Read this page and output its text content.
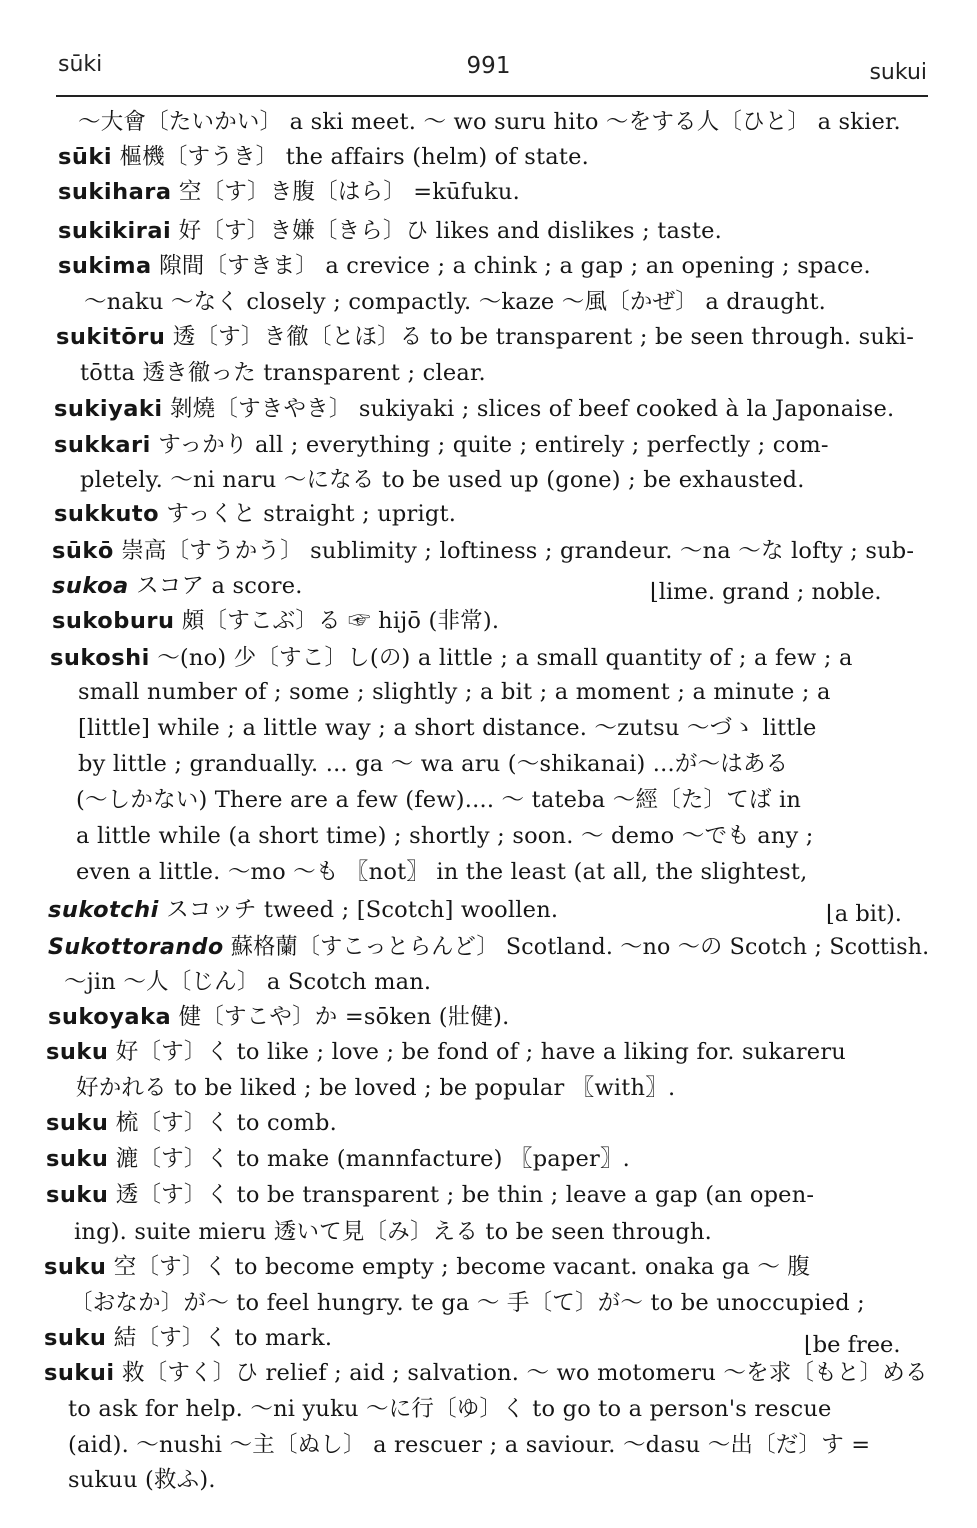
sūki	991	sukui
〜大會〔たいかい〕 a ski meet. 〜 wo suru hito 〜をする人〔ひと〕 a skier.
sūki 樞機〔すうき〕 the affairs (helm) of state.
sukihara 空〔す〕き腹〔はら〕 =kūfuku.
sukikirai 好〔す〕き嫌〔きら〕ひ likes and dislikes ; taste.
sukima 隙間〔すきま〕 a crevice ; a chink ; a gap ; an opening ; space.
〜naku 〜なく closely ; compactly. 〜kaze 〜風〔かぜ〕 a draught.
sukitōru 透〔す〕き徹〔とほ〕る to be transparent ; be seen through. suki-
tōtta 透き徹った transparent ; clear.
sukiyaki 剝燒〔すきやき〕 sukiyaki ; slices of beef cooked à la Japonaise.
sukkari すっかり all ; everything ; quite ; entirely ; perfectly ; com-
pletely. 〜ni naru 〜になる to be used up (gone) ; be exhausted.
sukkuto すっくと straight ; uprigt.
sūkō 崇高〔すうかう〕 sublimity ; loftiness ; grandeur. 〜na 〜な lofty ; sub-
sukoa スコア a score.	⌊lime. grand ; noble.
sukoburu 頗〔すこぶ〕る ☞ hijō (非常).
sukoshi 〜(no) 少〔すこ〕し(の) a little ; a small quantity of ; a few ; a
small number of ; some ; slightly ; a bit ; a moment ; a minute ; a
[little] while ; a little way ; a short distance. 〜zutsu 〜づゝ little
by little ; grandually. ... ga 〜 wa aru (〜shikanai) ...が〜はある
(〜しかない) There are a few (few).... 〜 tateba 〜經〔た〕てば in
a little while (a short time) ; shortly ; soon. 〜 demo 〜でも any ;
even a little. 〜mo 〜も 〖not〗 in the least (at all, the slightest,
sukotchi スコッチ tweed ; [Scotch] woollen.	⌊a bit).
Sukottorando 蘇格蘭〔すこっとらんど〕 Scotland. 〜no 〜の Scotch ; Scottish.
〜jin 〜人〔じん〕 a Scotch man.
sukoyaka 健〔すこや〕か =sōken (壯健).
suku 好〔す〕く to like ; love ; be fond of ; have a liking for. sukareru
好かれる to be liked ; be loved ; be popular 〖with〗.
suku 梳〔す〕く to comb.
suku 漉〔す〕く to make (mannfacture) 〖paper〗.
suku 透〔す〕く to be transparent ; be thin ; leave a gap (an open-
ing). suite mieru 透いて見〔み〕える to be seen through.
suku 空〔す〕く to become empty ; become vacant. onaka ga 〜 腹
〔おなか〕が〜 to feel hungry. te ga 〜 手〔て〕が〜 to be unoccupied ;
suku 結〔す〕く to mark.	⌊be free.
sukui 救〔すく〕ひ relief ; aid ; salvation. 〜 wo motomeru 〜を求〔もと〕める
to ask for help. 〜ni yuku 〜に行〔ゆ〕く to go to a person's rescue
(aid). 〜nushi 〜主〔ぬし〕 a rescuer ; a saviour. 〜dasu 〜出〔だ〕す =
sukuu (救ふ).
